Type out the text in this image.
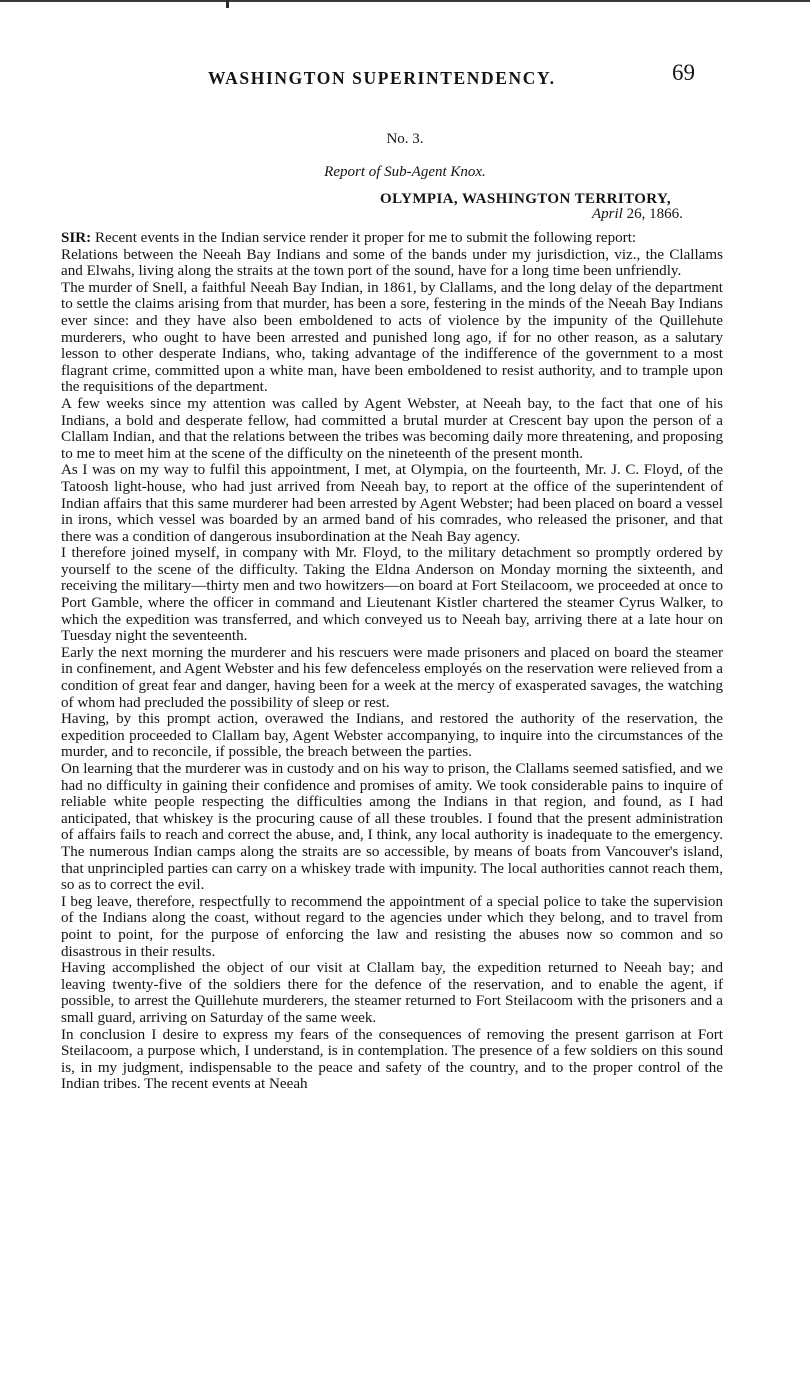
WASHINGTON SUPERINTENDENCY.	69
No. 3.
Report of Sub-Agent Knox.
OLYMPIA, WASHINGTON TERRITORY,
April 26, 1866.

SIR: Recent events in the Indian service render it proper for me to submit the following report:

Relations between the Neeah Bay Indians and some of the bands under my jurisdiction, viz., the Clallams and Elwahs, living along the straits at the town port of the sound, have for a long time been unfriendly.

The murder of Snell, a faithful Neeah Bay Indian, in 1861, by Clallams, and the long delay of the department to settle the claims arising from that murder, has been a sore, festering in the minds of the Neeah Bay Indians ever since: and they have also been emboldened to acts of violence by the impunity of the Quillehute murderers, who ought to have been arrested and punished long ago, if for no other reason, as a salutary lesson to other desperate Indians, who, taking advantage of the indifference of the government to a most flagrant crime, committed upon a white man, have been emboldened to resist authority, and to trample upon the requisitions of the department.

A few weeks since my attention was called by Agent Webster, at Neeah bay, to the fact that one of his Indians, a bold and desperate fellow, had committed a brutal murder at Crescent bay upon the person of a Clallam Indian, and that the relations between the tribes was becoming daily more threatening, and proposing to me to meet him at the scene of the difficulty on the nineteenth of the present month.

As I was on my way to fulfil this appointment, I met, at Olympia, on the fourteenth, Mr. J. C. Floyd, of the Tatoosh light-house, who had just arrived from Neeah bay, to report at the office of the superintendent of Indian affairs that this same murderer had been arrested by Agent Webster; had been placed on board a vessel in irons, which vessel was boarded by an armed band of his comrades, who released the prisoner, and that there was a condition of dangerous insubordination at the Neah Bay agency.

I therefore joined myself, in company with Mr. Floyd, to the military detachment so promptly ordered by yourself to the scene of the difficulty. Taking the Eldna Anderson on Monday morning the sixteenth, and receiving the military—thirty men and two howitzers—on board at Fort Steilacoom, we proceeded at once to Port Gamble, where the officer in command and Lieutenant Kistler chartered the steamer Cyrus Walker, to which the expedition was transferred, and which conveyed us to Neeah bay, arriving there at a late hour on Tuesday night the seventeenth.

Early the next morning the murderer and his rescuers were made prisoners and placed on board the steamer in confinement, and Agent Webster and his few defenceless employés on the reservation were relieved from a condition of great fear and danger, having been for a week at the mercy of exasperated savages, the watching of whom had precluded the possibility of sleep or rest.

Having, by this prompt action, overawed the Indians, and restored the authority of the reservation, the expedition proceeded to Clallam bay, Agent Webster accompanying, to inquire into the circumstances of the murder, and to reconcile, if possible, the breach between the parties.

On learning that the murderer was in custody and on his way to prison, the Clallams seemed satisfied, and we had no difficulty in gaining their confidence and promises of amity. We took considerable pains to inquire of reliable white people respecting the difficulties among the Indians in that region, and found, as I had anticipated, that whiskey is the procuring cause of all these troubles. I found that the present administration of affairs fails to reach and correct the abuse, and, I think, any local authority is inadequate to the emergency. The numerous Indian camps along the straits are so accessible, by means of boats from Vancouver's island, that unprincipled parties can carry on a whiskey trade with impunity. The local authorities cannot reach them, so as to correct the evil.

I beg leave, therefore, respectfully to recommend the appointment of a special police to take the supervision of the Indians along the coast, without regard to the agencies under which they belong, and to travel from point to point, for the purpose of enforcing the law and resisting the abuses now so common and so disastrous in their results.

Having accomplished the object of our visit at Clallam bay, the expedition returned to Neeah bay; and leaving twenty-five of the soldiers there for the defence of the reservation, and to enable the agent, if possible, to arrest the Quillehute murderers, the steamer returned to Fort Steilacoom with the prisoners and a small guard, arriving on Saturday of the same week.

In conclusion I desire to express my fears of the consequences of removing the present garrison at Fort Steilacoom, a purpose which, I understand, is in contemplation. The presence of a few soldiers on this sound is, in my judgment, indispensable to the peace and safety of the country, and to the proper control of the Indian tribes. The recent events at Neeah
